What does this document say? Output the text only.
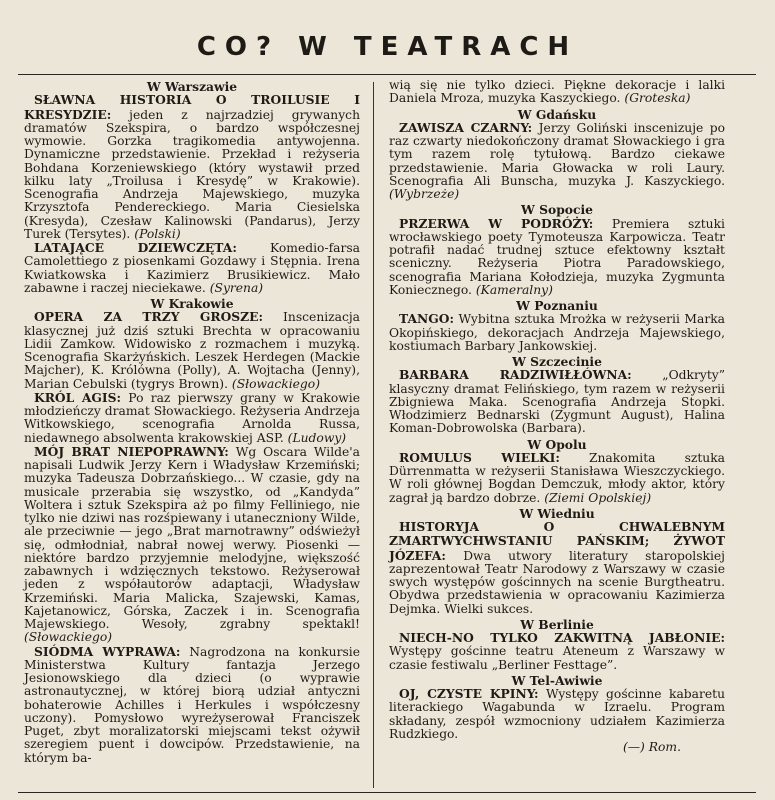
CO? W TEATRACH
W Warszawie
SŁAWNA HISTORIA O TROILUSIE I KRESYDZIE: jeden z najrzadziej grywanych dramatów Szekspira, o bardzo współczesnej wymowie. Gorzka tragikomedia antywojenna. Dynamiczne przedstawienie. Przekład i reżyseria Bohdana Korzeniewskiego (który wystawił przed kilku laty „Troilusa i Kresydę” w Krakowie). Scenografia Andrzeja Majewskiego, muzyka Krzysztofa Pendereckiego. Maria Ciesielska (Kresyda), Czesław Kalinowski (Pandarus), Jerzy Turek (Tersytes). (Polski)
LATAJĄCE DZIEWCZĘTA: Komedio-farsa Camolettiego z piosenkami Gozdawy i Stępnia. Irena Kwiatkowska i Kazimierz Brusikiewicz. Mało zabawne i raczej nieciekawe. (Syrena)
W Krakowie
OPERA ZA TRZY GROSZE: Inscenizacja klasycznej już dziś sztuki Brechta w opracowaniu Lidii Zamkow. Widowisko z rozmachem i muzyką. Scenografia Skarżyńskich. Leszek Herdegen (Mackie Majcher), K. Królówna (Polly), A. Wojtacha (Jenny), Marian Cebulski (tygrys Brown). (Słowackiego)
KRÓL AGIS: Po raz pierwszy grany w Krakowie młodzieńczy dramat Słowackiego. Reżyseria Andrzeja Witkowskiego, scenografia Arnolda Russa, niedawnego absolwenta krakowskiej ASP. (Ludowy)
MÓJ BRAT NIEPOPRAWNY: Wg Oscara Wilde'a napisali Ludwik Jerzy Kern i Władysław Krzemiński; muzyka Tadeusza Dobrzańskiego... W czasie, gdy na musicale przerabia się wszystko, od „Kandyda” Woltera i sztuk Szekspira aż po filmy Felliniego, nie tylko nie dziwi nas rozśpiewany i utaneczniony Wilde, ale przeciwnie — jego „Brat marnotrawny” odświeżył się, odmłodniał, nabrał nowej werwy. Piosenki — niektóre bardzo przyjemnie melodyjne, większość zabawnych i wdzięcznych tekstowo. Reżyserował jeden z współautorów adaptacji, Władysław Krzemiński. Maria Malicka, Szajewski, Kamas, Kajetanowicz, Górska, Zaczek i in. Scenografia Majewskiego. Wesoły, zgrabny spektakl! (Słowackiego)
SIÓDMA WYPRAWA: Nagrodzona na konkursie Ministerstwa Kultury fantazja Jerzego Jesionowskiego dla dzieci (o wyprawie astronautycznej, w której biorą udział antyczni bohaterowie Achilles i Herkules i współczesny uczony). Pomysłowo wyreżyserował Franciszek Puget, zbyt moralizatorski miejscami tekst ożywił szeregiem puent i dowcipów. Przedstawienie, na którym ba-
wią się nie tylko dzieci. Piękne dekoracje i lalki Daniela Mroza, muzyka Kaszyckiego. (Groteska)
W Gdańsku
ZAWISZA CZARNY: Jerzy Goliński inscenizuje po raz czwarty niedokończony dramat Słowackiego i gra tym razem rolę tytułową. Bardzo ciekawe przedstawienie. Maria Głowacka w roli Laury. Scenografia Ali Bunscha, muzyka J. Kaszyckiego. (Wybrzeże)
W Sopocie
PRZERWA W PODRÓŻY: Premiera sztuki wrocławskiego poety Tymoteusza Karpowicza. Teatr potrafił nadać trudnej sztuce efektowny kształt sceniczny. Reżyseria Piotra Paradowskiego, scenografia Mariana Kołodzieja, muzyka Zygmunta Koniecznego. (Kameralny)
W Poznaniu
TANGO: Wybitna sztuka Mrożka w reżyserii Marka Okopińskiego, dekoracjach Andrzeja Majewskiego, kostiumach Barbary Jankowskiej.
W Szczecinie
BARBARA RADZIWIŁŁÓWNA: „Odkryty” klasyczny dramat Felińskiego, tym razem w reżyserii Zbigniewa Maka. Scenografia Andrzeja Stopki. Włodzimierz Bednarski (Zygmunt August), Halina Koman-Dobrowolska (Barbara).
W Opolu
ROMULUS WIELKI: Znakomita sztuka Dürrenmatta w reżyserii Stanisława Wieszczyckiego. W roli głównej Bogdan Demczuk, młody aktor, który zagrał ją bardzo dobrze. (Ziemi Opolskiej)
W Wiedniu
HISTORYJA O CHWALEBNYM ZMARTWYCHWSTANIU PAŃSKIM; ŻYWOT JÓZEFA: Dwa utwory literatury staropolskiej zaprezentował Teatr Narodowy z Warszawy w czasie swych występów gościnnych na scenie Burgtheatru. Obydwa przedstawienia w opracowaniu Kazimierza Dejmka. Wielki sukces.
W Berlinie
NIECH-NO TYLKO ZAKWITNĄ JABŁONIE: Występy gościnne teatru Ateneum z Warszawy w czasie festiwalu „Berliner Festtage”.
W Tel-Awiwie
OJ, CZYSTE KPINY: Występy gościnne kabaretu literackiego Wagabunda w Izraelu. Program składany, zespół wzmocniony udziałem Kazimierza Rudzkiego.
(—) Rom.
